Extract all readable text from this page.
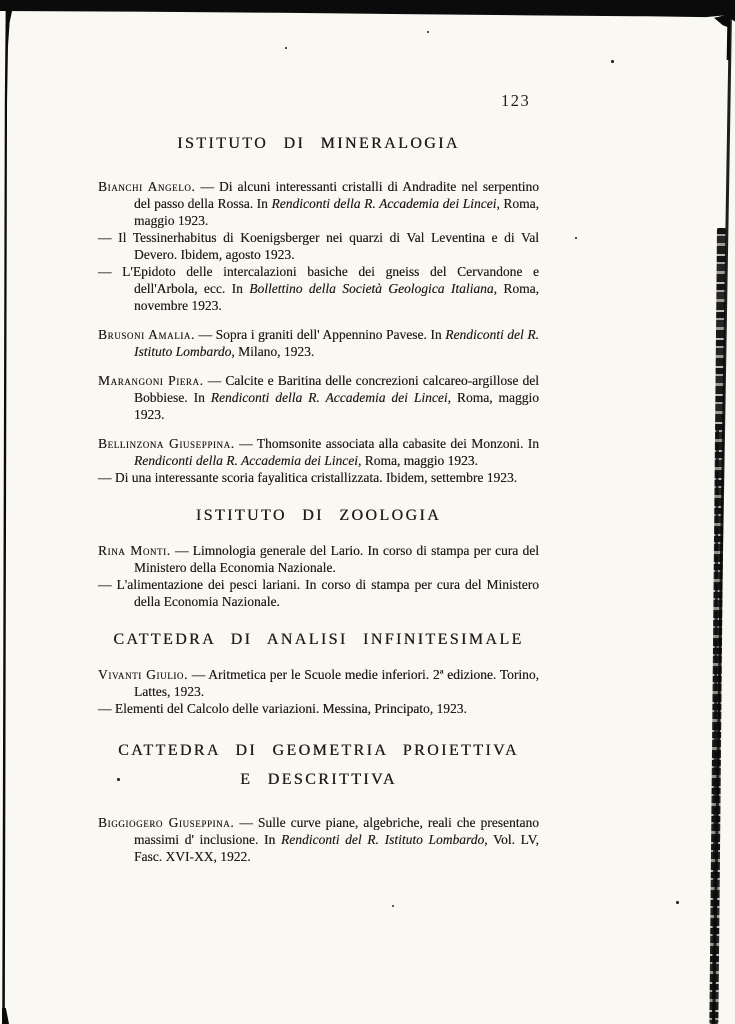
123
ISTITUTO DI MINERALOGIA

Bianchi Angelo. — Di alcuni interessanti cristalli di Andradite nel serpentino del passo della Rossa. In Rendiconti della R. Accademia dei Lincei, Roma, maggio 1923.

— Il Tessinerhabitus di Koenigsberger nei quarzi di Val Leventina e di Val Devero. Ibidem, agosto 1923.

— L'Epidoto delle intercalazioni basiche dei gneiss del Cervandone e dell'Arbola, ecc. In Bollettino della Società Geologica Italiana, Roma, novembre 1923.

Brusoni Amalia. — Sopra i graniti dell' Appennino Pavese. In Rendiconti del R. Istituto Lombardo, Milano, 1923.

Marangoni Piera. — Calcite e Baritina delle concrezioni calcareo-argillose del Bobbiese. In Rendiconti della R. Accademia dei Lincei, Roma, maggio 1923.

Bellinzona Giuseppina. — Thomsonite associata alla cabasite dei Monzoni. In Rendiconti della R. Accademia dei Lincei, Roma, maggio 1923.

— Di una interessante scoria fayalitica cristallizzata. Ibidem, settembre 1923.

ISTITUTO DI ZOOLOGIA

Rina Monti. — Limnologia generale del Lario. In corso di stampa per cura del Ministero della Economia Nazionale.

— L'alimentazione dei pesci lariani. In corso di stampa per cura del Ministero della Economia Nazionale.

CATTEDRA DI ANALISI INFINITESIMALE

Vivanti Giulio. — Aritmetica per le Scuole medie inferiori. 2ª edizione. Torino, Lattes, 1923.

— Elementi del Calcolo delle variazioni. Messina, Principato, 1923.

CATTEDRA DI GEOMETRIA PROIETTIVA
E DESCRITTIVA

Biggiogero Giuseppina. — Sulle curve piane, algebriche, reali che presentano massimi d' inclusione. In Rendiconti del R. Istituto Lombardo, Vol. LV, Fasc. XVI-XX, 1922.
